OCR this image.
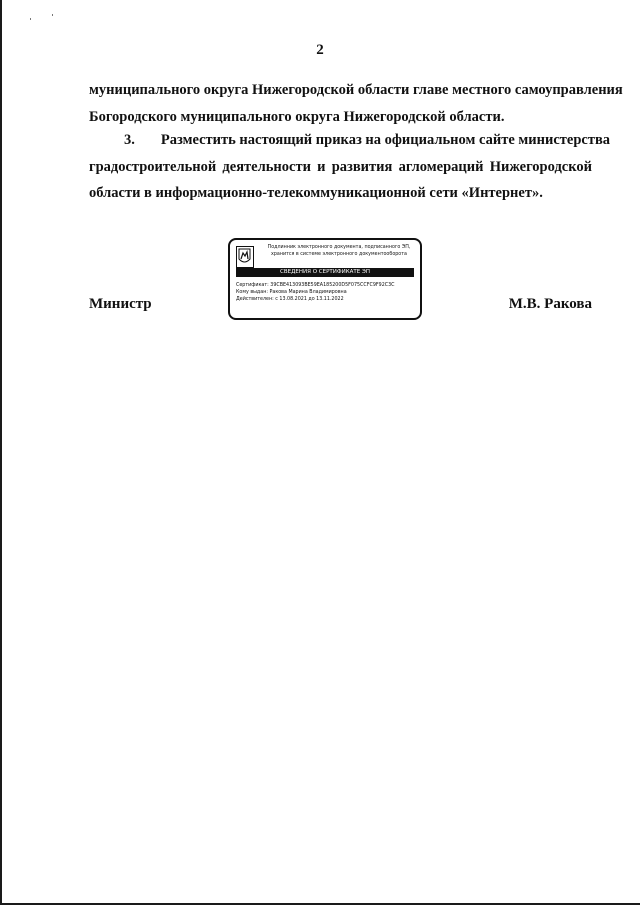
2
муниципального округа Нижегородской области главе местного самоуправления
Богородского муниципального округа Нижегородской области.
3. Разместить настоящий приказ на официальном сайте министерства
градостроительной деятельности и развития агломераций Нижегородской
области в информационно-телекоммуникационной сети «Интернет».
Министр
Подлинник электронного документа, подписанного ЭП,
хранится в системе электронного документооборота
СВЕДЕНИЯ О СЕРТИФИКАТЕ ЭП
Сертификат: 39CBE413093BE59EA185200D5F075CCFC9F92C3C
Кому выдан: Ракова Марина Владимировна
Действителен: с 13.08.2021 до 13.11.2022	М.В. Ракова
